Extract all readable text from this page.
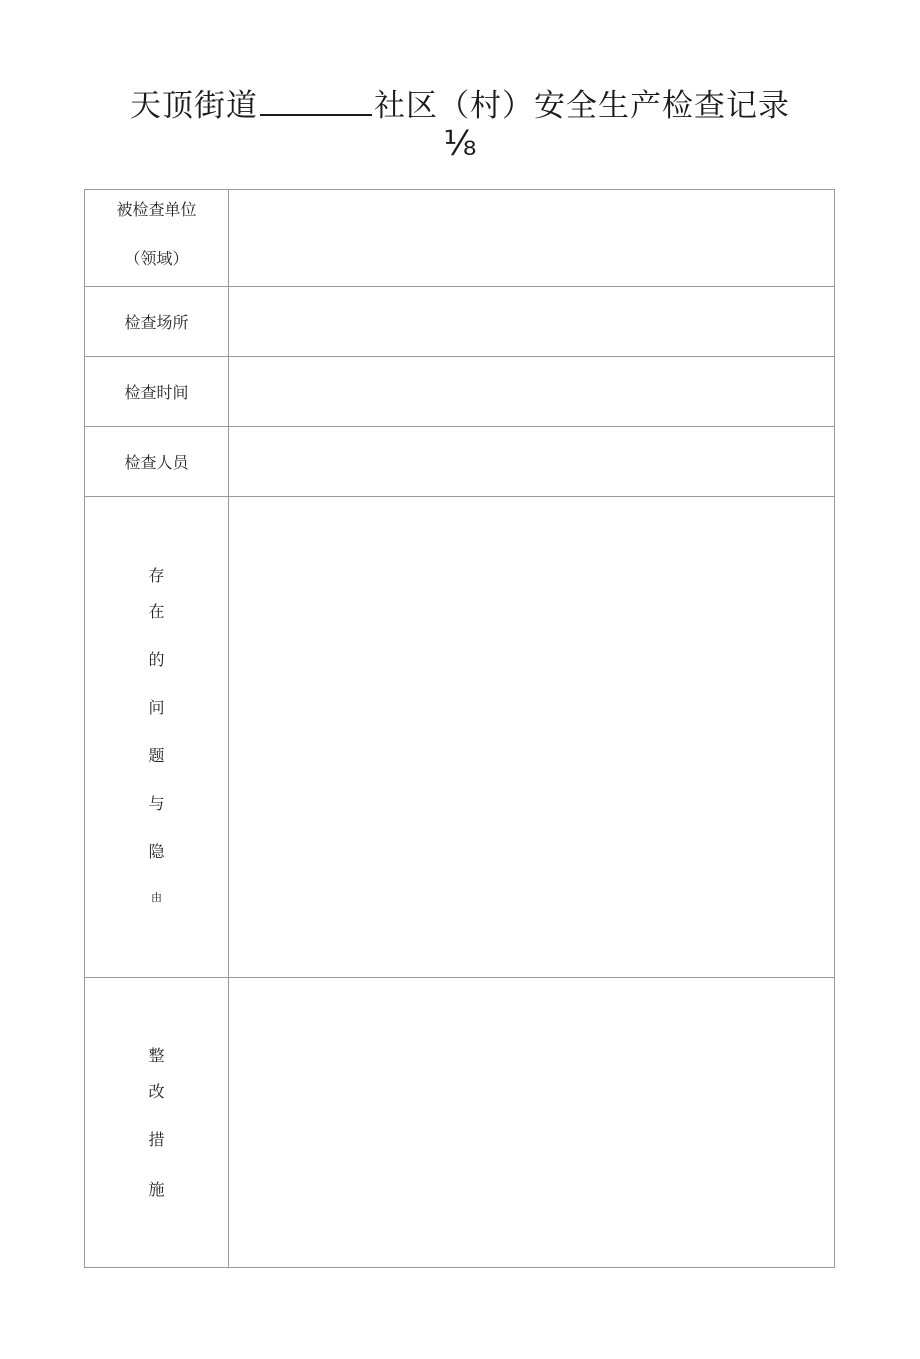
天顶街道	社区（村）安全生产检查记录
⅛
被检查单位
（领域）
检查场所
检查时间
检查人员
存
在
的
问
题
与
隐
由
整
改
措
施
